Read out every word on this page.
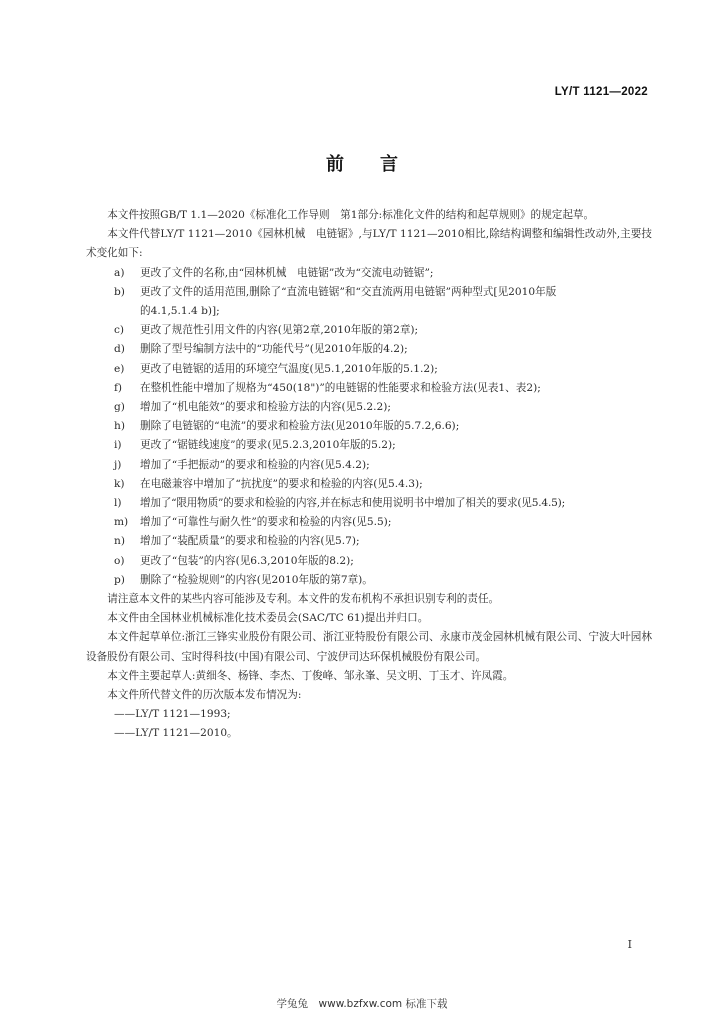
LY/T 1121—2022
前 言

本文件按照GB/T 1.1—2020《标准化工作导则　第1部分:标准化文件的结构和起草规则》的规定起草。

本文件代替LY/T 1121—2010《园林机械　电链锯》,与LY/T 1121—2010相比,除结构调整和编辑性改动外,主要技术变化如下:

a) 更改了文件的名称,由“园林机械　电链锯”改为“交流电动链锯”;
b) 更改了文件的适用范围,删除了“直流电链锯”和“交直流两用电链锯”两种型式[见2010年版
的4.1,5.1.4 b)];
c) 更改了规范性引用文件的内容(见第2章,2010年版的第2章);
d) 删除了型号编制方法中的“功能代号”(见2010年版的4.2);
e) 更改了电链锯的适用的环境空气温度(见5.1,2010年版的5.1.2);
f) 在整机性能中增加了规格为“450(18")”的电链锯的性能要求和检验方法(见表1、表2);
g) 增加了“机电能效”的要求和检验方法的内容(见5.2.2);
h) 删除了电链锯的“电流”的要求和检验方法(见2010年版的5.7.2,6.6);
i) 更改了“锯链线速度”的要求(见5.2.3,2010年版的5.2);
j) 增加了“手把振动”的要求和检验的内容(见5.4.2);
k) 在电磁兼容中增加了“抗扰度”的要求和检验的内容(见5.4.3);
l) 增加了“限用物质”的要求和检验的内容,并在标志和使用说明书中增加了相关的要求(见5.4.5);
m) 增加了“可靠性与耐久性”的要求和检验的内容(见5.5);
n) 增加了“装配质量”的要求和检验的内容(见5.7);
o) 更改了“包装”的内容(见6.3,2010年版的8.2);
p) 删除了“检验规则”的内容(见2010年版的第7章)。

请注意本文件的某些内容可能涉及专利。本文件的发布机构不承担识别专利的责任。

本文件由全国林业机械标准化技术委员会(SAC/TC 61)提出并归口。

本文件起草单位:浙江三锋实业股份有限公司、浙江亚特股份有限公司、永康市茂金园林机械有限公司、宁波大叶园林设备股份有限公司、宝时得科技(中国)有限公司、宁波伊司达环保机械股份有限公司。

本文件主要起草人:黄细冬、杨锋、李杰、丁俊峰、邹永峯、吴文明、丁玉才、许凤霞。

本文件所代替文件的历次版本发布情况为:

——LY/T 1121—1993;

——LY/T 1121—2010。

I
学兔兔　www.bzfxw.com 标准下载
